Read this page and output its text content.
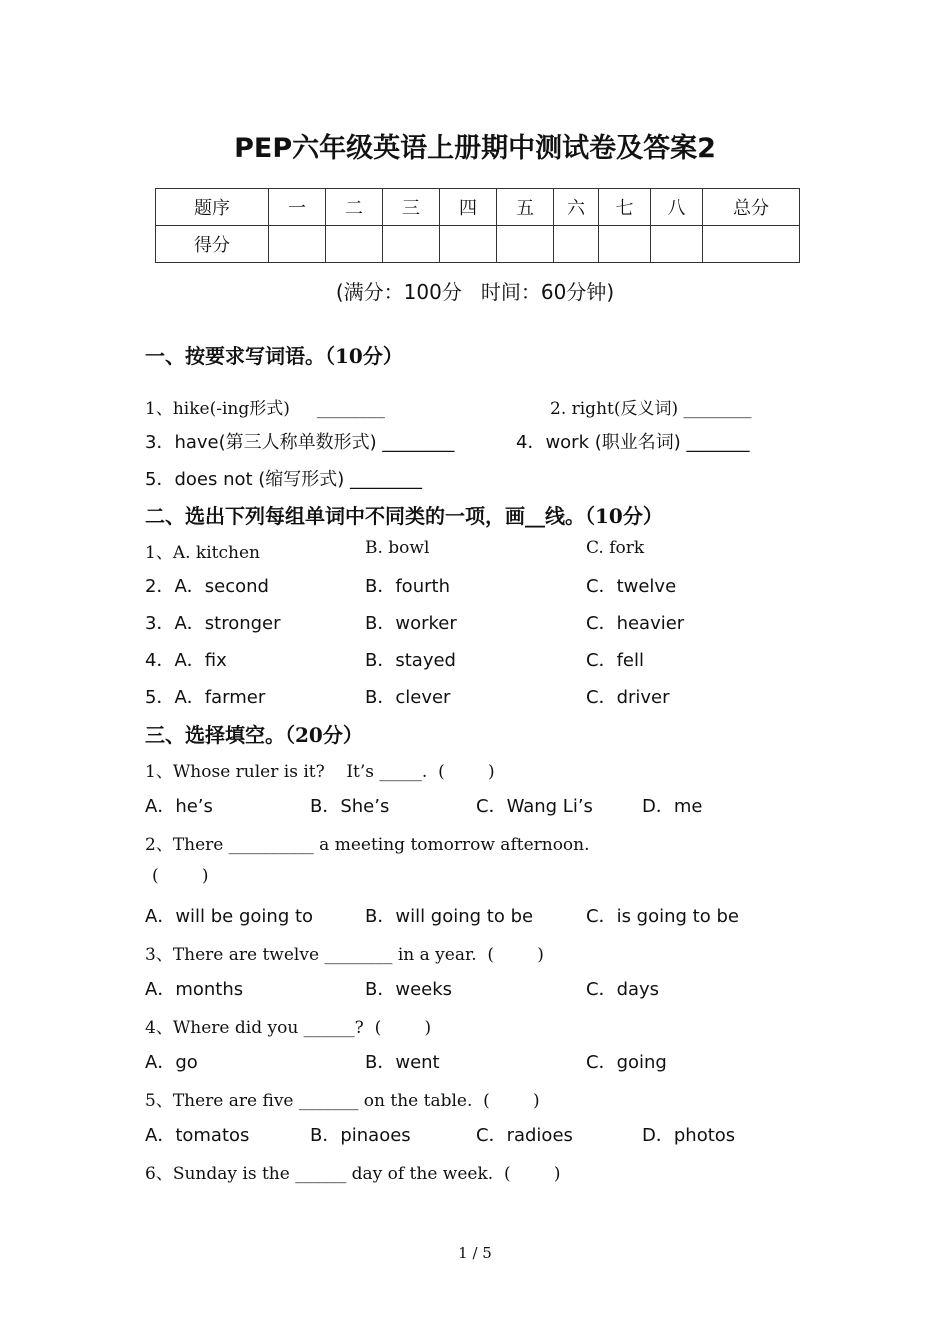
PEP六年级英语上册期中测试卷及答案2
题序	一	二	三	四	五	六	七	八	总分
得分									
(满分：100分   时间：60分钟)
一、按要求写词语。（10分）
1、hike(-ing形式)     ________	2. right(反义词) ________
3．have(第三人称单数形式) ________	4．work (职业名词) _______
5．does not (缩写形式) ________
二、选出下列每组单词中不同类的一项，画__线。（10分）
1、A. kitchen	B. bowl	C. fork
2．A．second	B．fourth	C．twelve
3．A．stronger	B．worker	C．heavier
4．A．fix	B．stayed	C．fell
5．A．farmer	B．clever	C．driver
三、选择填空。（20分）
1、Whose ruler is it?    It’s _____.  (        )
A．he’s	B．She’s	C．Wang Li’s	D．me
2、There __________ a meeting tomorrow afternoon.
(        )
A．will be going to	B．will going to be	C．is going to be
3、There are twelve ________ in a year.  (        )
A．months	B．weeks	C．days
4、Where did you ______?  (        )
A．go	B．went	C．going
5、There are five _______ on the table.  (        )
A．tomatos	B．pinaoes	C．radioes	D．photos
6、Sunday is the ______ day of the week.  (        )
1 / 5
